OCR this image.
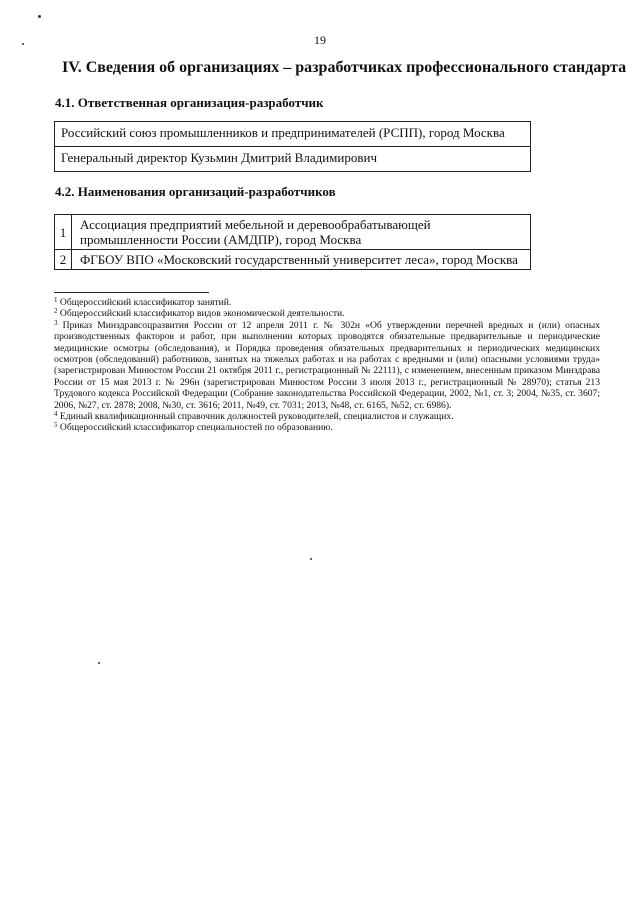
19
IV. Сведения об организациях – разработчиках профессионального стандарта
4.1. Ответственная организация-разработчик
Российский союз промышленников и предпринимателей (РСПП), город Москва
Генеральный директор Кузьмин Дмитрий Владимирович
4.2. Наименования организаций-разработчиков
1	Ассоциация предприятий мебельной и деревообрабатывающей промышленности России (АМДПР), город Москва
2	ФГБОУ ВПО «Московский государственный университет леса», город Москва

$^1$ Общероссийский классификатор занятий.

$^2$ Общероссийский классификатор видов экономической деятельности.

$^3$ Приказ Минздравсоцразвития России от 12 апреля 2011 г. № 302н «Об утверждении перечней вредных и (или) опасных производственных факторов и работ, при выполнении которых проводятся обязательные предварительные и периодические медицинские осмотры (обследования), и Порядка проведения обязательных предварительных и периодических медицинских осмотров (обследований) работников, занятых на тяжелых работах и на работах с вредными и (или) опасными условиями труда» (зарегистрирован Минюстом России 21 октября 2011 г., регистрационный № 22111), с изменением, внесенным приказом Минздрава России от 15 мая 2013 г. № 296н (зарегистрирован Минюстом России 3 июля 2013 г., регистрационный № 28970); статья 213 Трудового кодекса Российской Федерации (Собрание законодательства Российской Федерации, 2002, №1, ст. 3; 2004, №35, ст. 3607; 2006, №27, ст. 2878; 2008, №30, ст. 3616; 2011, №49, ст. 7031; 2013, №48, ст. 6165, №52, ст. 6986).

$^4$ Единый квалификационный справочник должностей руководителей, специалистов и служащих.

$^5$ Общероссийский классификатор специальностей по образованию.
